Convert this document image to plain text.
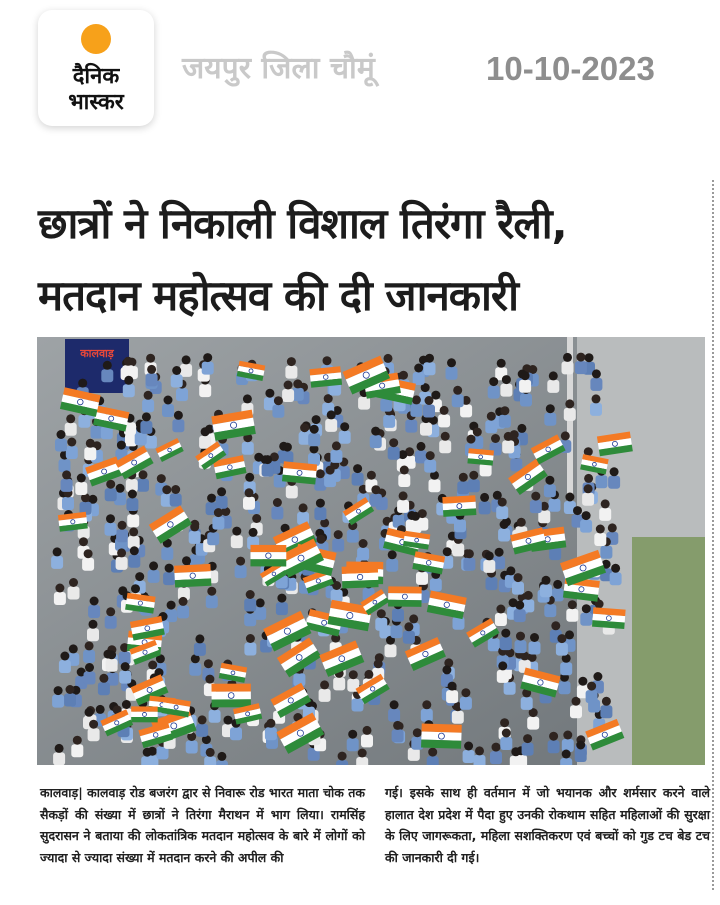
दैनिक
भास्कर
जयपुर जिला चौमूं	10-10-2023
छात्रों ने निकाली विशाल तिरंगा रैली,
मतदान महोत्सव की दी जानकारी
कालवाड़
कालवाड़| कालवाड़ रोड बजरंग द्वार से निवारू रोड भारत माता चोक तक सैकड़ों की संख्या में छात्रों ने तिरंगा मैराथन में भाग लिया। रामसिंह सुदरासन ने बताया की लोकतांत्रिक मतदान महोत्सव के बारे में लोगों को ज्यादा से ज्यादा संख्या में मतदान करने की अपील की
गई। इसके साथ ही वर्तमान में जो भयानक और शर्मसार करने वाले हालात देश प्रदेश में पैदा हुए उनकी रोकथाम सहित महिलाओं की सुरक्षा के लिए जागरूकता, महिला सशक्तिकरण एवं बच्चों को गुड टच बेड टच की जानकारी दी गई।
